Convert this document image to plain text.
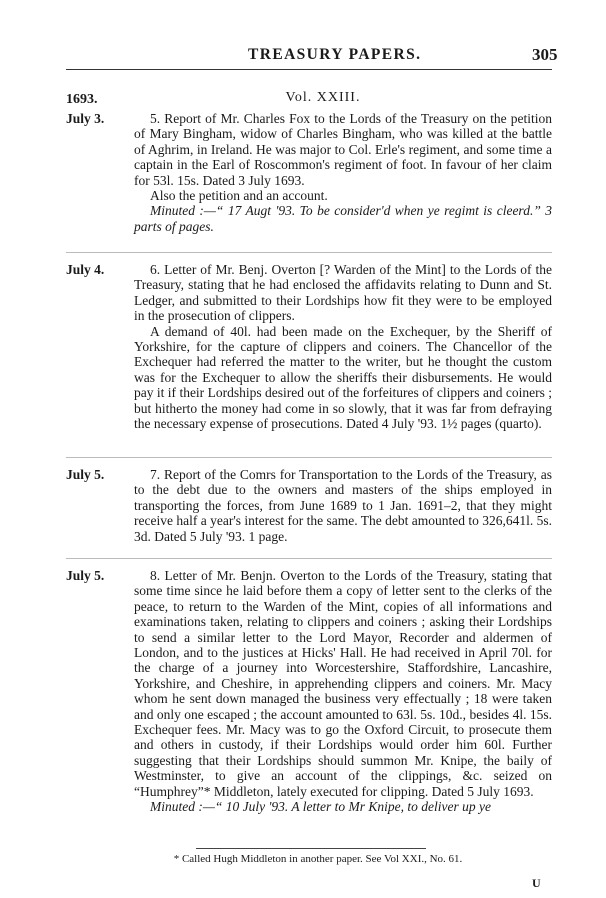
TREASURY PAPERS.	305
1693.	Vol. XXIII.
July 3.	5. Report of Mr. Charles Fox to the Lords of the Treasury on the petition of Mary Bingham, widow of Charles Bingham, who was killed at the battle of Aghrim, in Ireland. He was major to Col. Erle's regiment, and some time a captain in the Earl of Roscommon's regiment of foot. In favour of her claim for 53l. 15s. Dated 3 July 1693.

Also the petition and an account.

Minuted :—“ 17 Augt '93. To be consider'd when ye regimt is cleerd.” 3 parts of pages.

July 4.	6. Letter of Mr. Benj. Overton [? Warden of the Mint] to the Lords of the Treasury, stating that he had enclosed the affidavits relating to Dunn and St. Ledger, and submitted to their Lordships how fit they were to be employed in the prosecution of clippers.

A demand of 40l. had been made on the Exchequer, by the Sheriff of Yorkshire, for the capture of clippers and coiners. The Chancellor of the Exchequer had referred the matter to the writer, but he thought the custom was for the Exchequer to allow the sheriffs their disbursements. He would pay it if their Lordships desired out of the forfeitures of clippers and coiners ; but hitherto the money had come in so slowly, that it was far from defraying the necessary expense of prosecutions. Dated 4 July '93. 1½ pages (quarto).

July 5.	7. Report of the Comrs for Transportation to the Lords of the Treasury, as to the debt due to the owners and masters of the ships employed in transporting the forces, from June 1689 to 1 Jan. 1691–2, that they might receive half a year's interest for the same. The debt amounted to 326,641l. 5s. 3d. Dated 5 July '93. 1 page.

July 5.	8. Letter of Mr. Benjn. Overton to the Lords of the Treasury, stating that some time since he laid before them a copy of letter sent to the clerks of the peace, to return to the Warden of the Mint, copies of all informations and examinations taken, relating to clippers and coiners ; asking their Lordships to send a similar letter to the Lord Mayor, Recorder and aldermen of London, and to the justices at Hicks' Hall. He had received in April 70l. for the charge of a journey into Worcestershire, Staffordshire, Lancashire, Yorkshire, and Cheshire, in apprehending clippers and coiners. Mr. Macy whom he sent down managed the business very effectually ; 18 were taken and only one escaped ; the account amounted to 63l. 5s. 10d., besides 4l. 15s. Exchequer fees. Mr. Macy was to go the Oxford Circuit, to prosecute them and others in custody, if their Lordships would order him 60l. Further suggesting that their Lordships should summon Mr. Knipe, the baily of Westminster, to give an account of the clippings, &c. seized on “Humphrey”* Middleton, lately executed for clipping. Dated 5 July 1693.

Minuted :—“ 10 July '93. A letter to Mr Knipe, to deliver up ye

* Called Hugh Middleton in another paper. See Vol XXI., No. 61.
U
